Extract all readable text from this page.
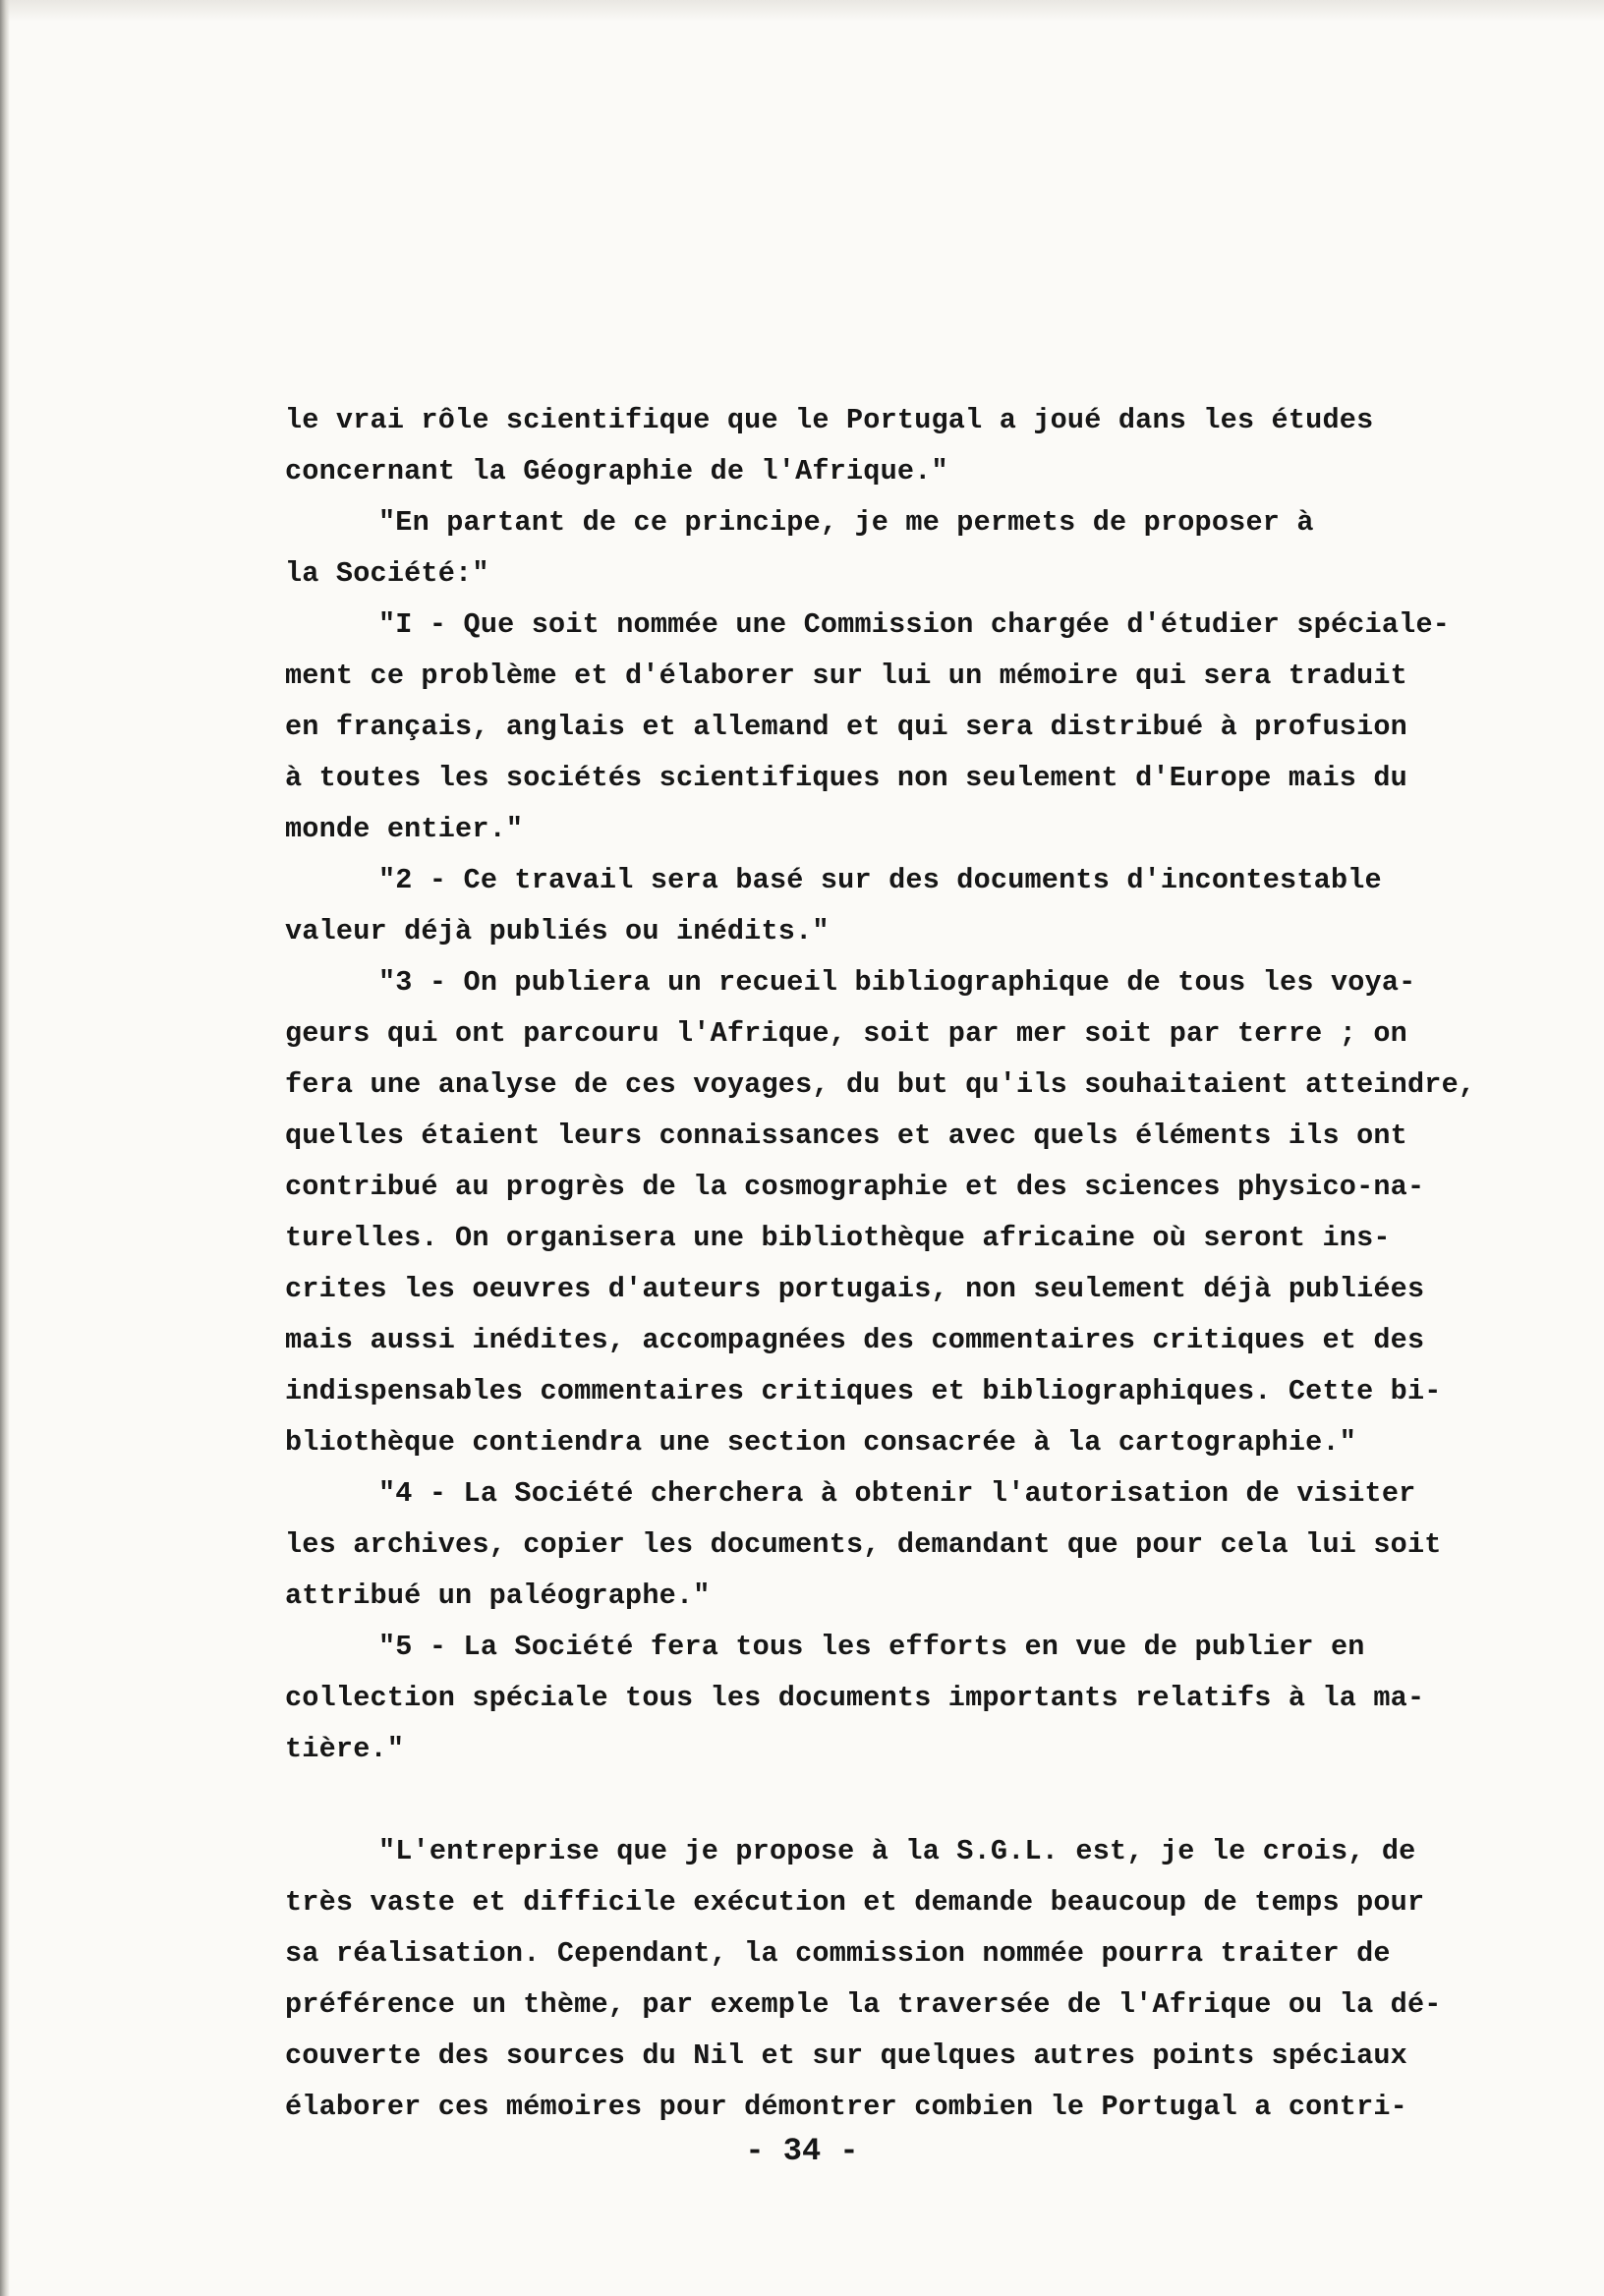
le vrai rôle scientifique que le Portugal a joué dans les études
concernant la Géographie de l'Afrique."
"En partant de ce principe, je me permets de proposer à
la Société:"
"I - Que soit nommée une Commission chargée d'étudier spéciale-
ment ce problème et d'élaborer sur lui un mémoire qui sera traduit
en français, anglais et allemand et qui sera distribué à profusion
à toutes les sociétés scientifiques non seulement d'Europe mais du
monde entier."
"2 - Ce travail sera basé sur des documents d'incontestable
valeur déjà publiés ou inédits."
"3 - On publiera un recueil bibliographique de tous les voya-
geurs qui ont parcouru l'Afrique, soit par mer soit par terre ; on
fera une analyse de ces voyages, du but qu'ils souhaitaient atteindre,
quelles étaient leurs connaissances et avec quels éléments ils ont
contribué au progrès de la cosmographie et des sciences physico-na-
turelles. On organisera une bibliothèque africaine où seront ins-
crites les oeuvres d'auteurs portugais, non seulement déjà publiées
mais aussi inédites, accompagnées des commentaires critiques et des
indispensables commentaires critiques et bibliographiques. Cette bi-
bliothèque contiendra une section consacrée à la cartographie."
"4 - La Société cherchera à obtenir l'autorisation de visiter
les archives, copier les documents, demandant que pour cela lui soit
attribué un paléographe."
"5 - La Société fera tous les efforts en vue de publier en
collection spéciale tous les documents importants relatifs à la ma-
tière."
"L'entreprise que je propose à la S.G.L. est, je le crois, de
très vaste et difficile exécution et demande beaucoup de temps pour
sa réalisation. Cependant, la commission nommée pourra traiter de
préférence un thème, par exemple la traversée de l'Afrique ou la dé-
couverte des sources du Nil et sur quelques autres points spéciaux
élaborer ces mémoires pour démontrer combien le Portugal a contri-
- 34 -
